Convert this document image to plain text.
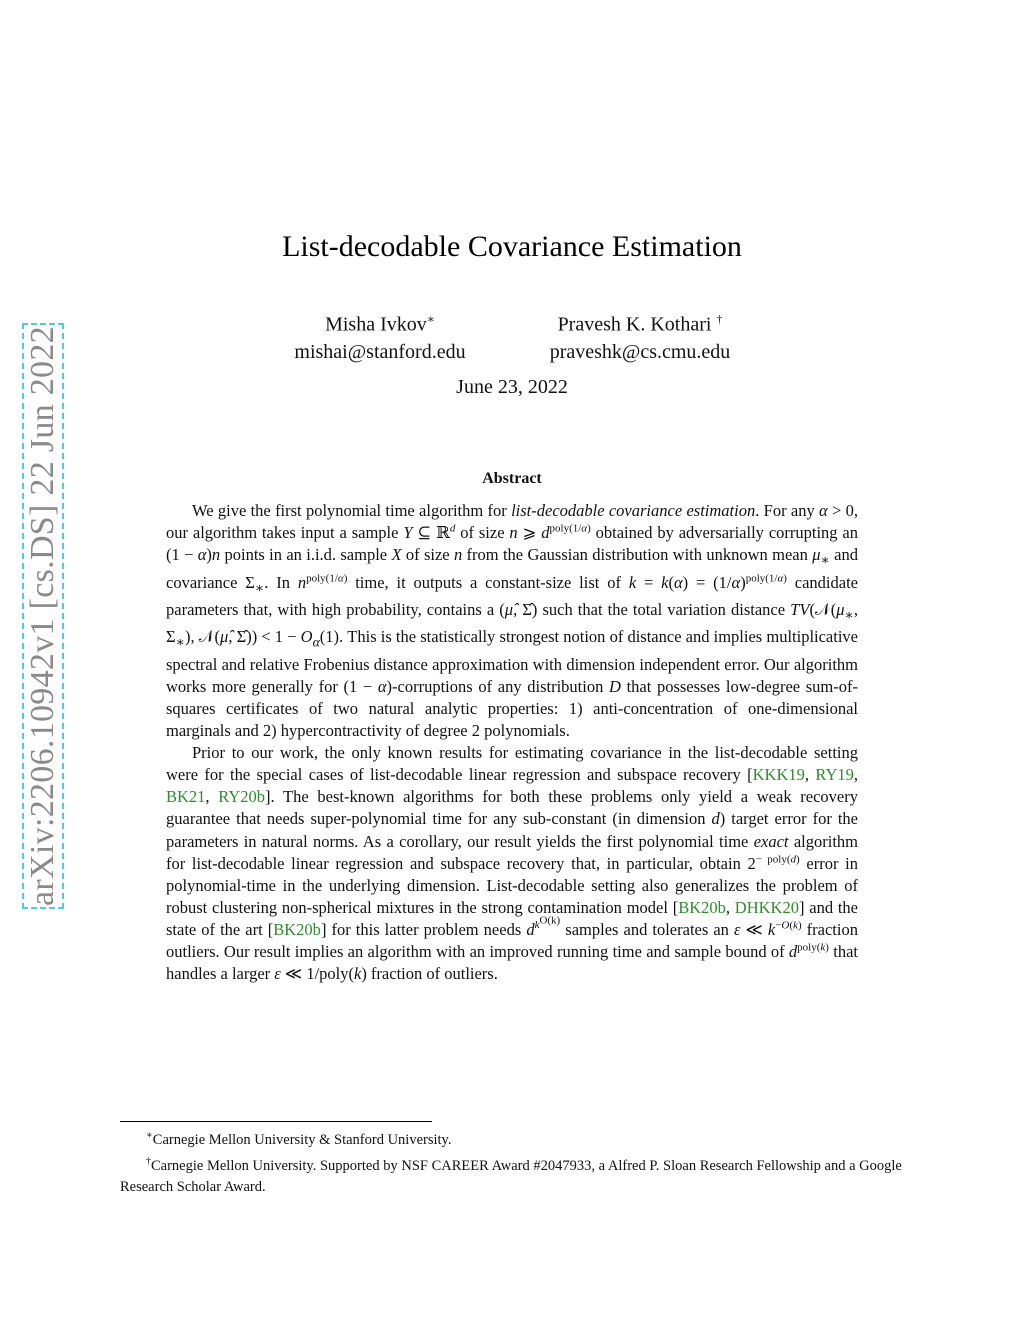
arXiv:2206.10942v1 [cs.DS] 22 Jun 2022
List-decodable Covariance Estimation
Misha Ivkov∗
mishai@stanford.edu
Pravesh K. Kothari †
praveshk@cs.cmu.edu
June 23, 2022
Abstract

We give the first polynomial time algorithm for list-decodable covariance estimation. For any α > 0, our algorithm takes input a sample Y ⊆ ℝ$^d$ of size n ⩾ $d^{poly(1/\alpha)}$ obtained by adversarially corrupting an (1 − α)n points in an i.i.d. sample X of size n from the Gaussian distribution with unknown mean $\mu_∗$ and covariance $\Sigma_∗$. In $n^{poly(1/\alpha)}$ time, it outputs a constant-size list of $k = k(\alpha) = (1/\alpha)^{poly(1/\alpha)}$ candidate parameters that, with high probability, contains a (μ̂, Σ̂) such that the total variation distance $TV(𝒩(\mu_∗$, $\Sigma_∗$), 𝒩(μ̂, Σ̂)) < $1 - O_\alpha(1)$. This is the statistically strongest notion of distance and implies multiplicative spectral and relative Frobenius distance approximation with dimension independent error. Our algorithm works more generally for (1 − α)-corruptions of any distribution D that possesses low-degree sum-of-squares certificates of two natural analytic properties: 1) anti-concentration of one-dimensional marginals and 2) hypercontractivity of degree 2 polynomials.

Prior to our work, the only known results for estimating covariance in the list-decodable setting were for the special cases of list-decodable linear regression and subspace recovery [KKK19, RY19, BK21, RY20b]. The best-known algorithms for both these problems only yield a weak recovery guarantee that needs super-polynomial time for any sub-constant (in dimension d) target error for the parameters in natural norms. As a corollary, our result yields the first polynomial time exact algorithm for list-decodable linear regression and subspace recovery that, in particular, obtain $2^{- poly(d)}$ error in polynomial-time in the underlying dimension. List-decodable setting also generalizes the problem of robust clustering non-spherical mixtures in the strong contamination model [BK20b, DHKK20] and the state of the art [BK20b] for this latter problem needs $d^{k^{O(k)}}$ samples and tolerates an ε ≪ $k^{-O(k)}$ fraction outliers. Our result implies an algorithm with an improved running time and sample bound of $d^{poly(k)}$ that handles a larger ε ≪ 1/poly(k) fraction of outliers.

∗Carnegie Mellon University & Stanford University.
†Carnegie Mellon University. Supported by NSF CAREER Award #2047933, a Alfred P. Sloan Research Fellowship and a Google Research Scholar Award.
